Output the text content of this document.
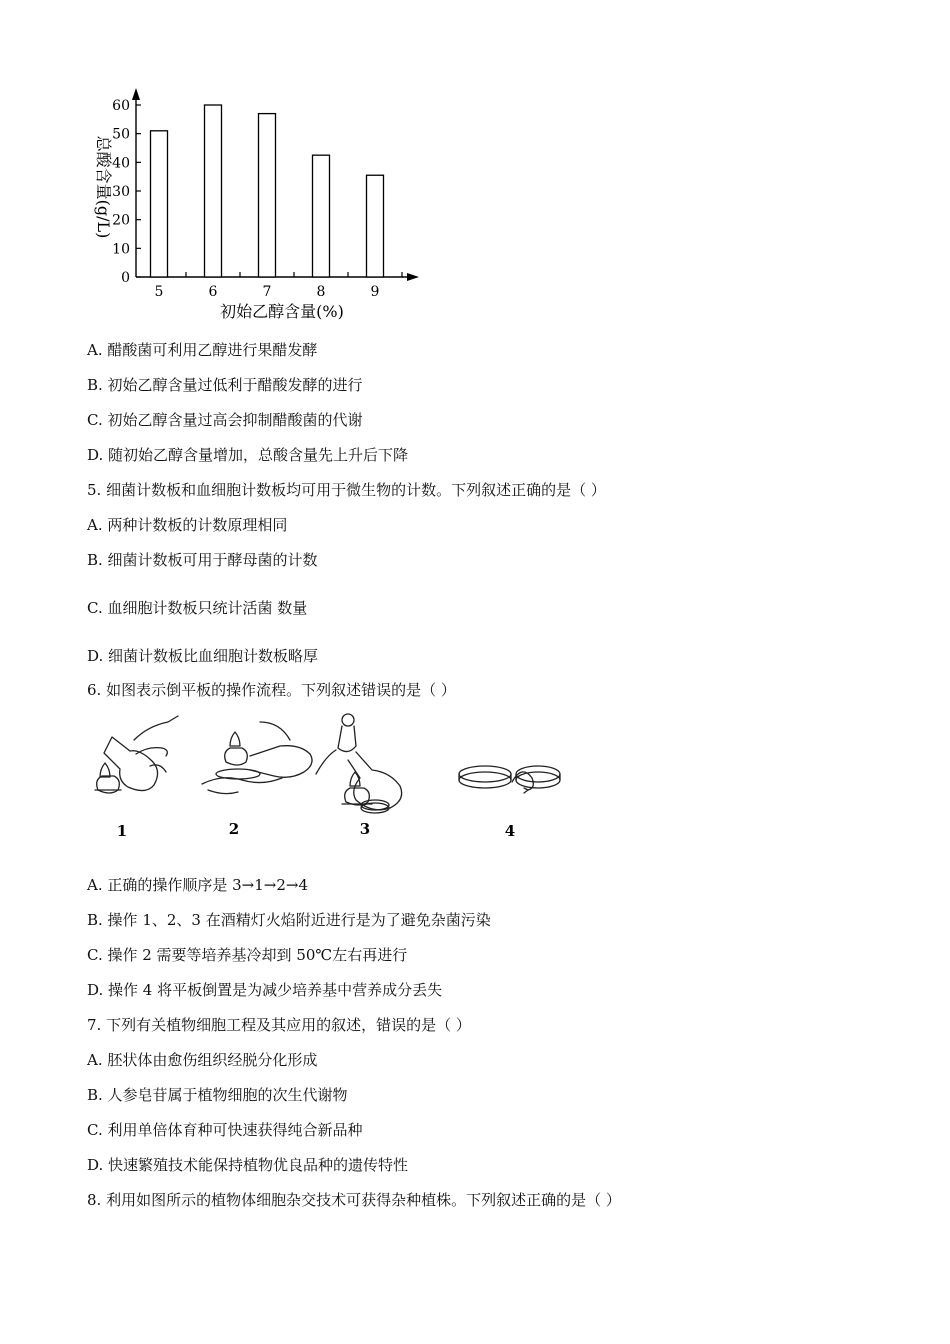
0
10
20
30
40
50
60
5	6	7	8	9
初始乙醇含量(%)
总酸含量(g/L)
A. 醋酸菌可利用乙醇进行果醋发酵
B. 初始乙醇含量过低利于醋酸发酵的进行
C. 初始乙醇含量过高会抑制醋酸菌的代谢
D. 随初始乙醇含量增加，总酸含量先上升后下降
5. 细菌计数板和血细胞计数板均可用于微生物的计数。下列叙述正确的是（ ）
A. 两种计数板的计数原理相同
B. 细菌计数板可用于酵母菌的计数
C. 血细胞计数板只统计活菌 数量
D. 细菌计数板比血细胞计数板略厚
6. 如图表示倒平板的操作流程。下列叙述错误的是（ ）
1	2	3	4
A. 正确的操作顺序是 3→1→2→4
B. 操作 1、2、3 在酒精灯火焰附近进行是为了避免杂菌污染
C. 操作 2 需要等培养基冷却到 50℃左右再进行
D. 操作 4 将平板倒置是为减少培养基中营养成分丢失
7. 下列有关植物细胞工程及其应用的叙述，错误的是（ ）
A. 胚状体由愈伤组织经脱分化形成
B. 人参皂苷属于植物细胞的次生代谢物
C. 利用单倍体育种可快速获得纯合新品种
D. 快速繁殖技术能保持植物优良品种的遗传特性
8. 利用如图所示的植物体细胞杂交技术可获得杂种植株。下列叙述正确的是（ ）
